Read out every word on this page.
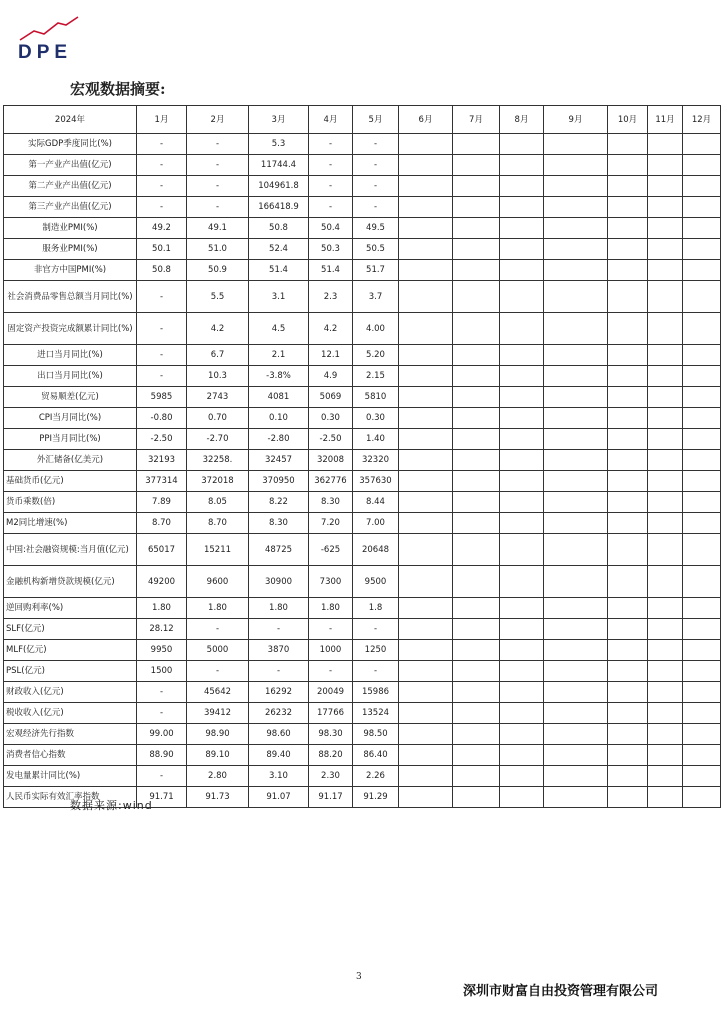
DPE
宏观数据摘要:
2024年	1月	2月	3月	4月	5月	6月	7月	8月	9月	10月	11月	12月
实际GDP季度同比(%)	-	-	5.3	-	-							
第一产业产出值(亿元)	-	-	11744.4	-	-							
第二产业产出值(亿元)	-	-	104961.8	-	-							
第三产业产出值(亿元)	-	-	166418.9	-	-							
制造业PMI(%)	49.2	49.1	50.8	50.4	49.5							
服务业PMI(%)	50.1	51.0	52.4	50.3	50.5							
非官方中国PMI(%)	50.8	50.9	51.4	51.4	51.7							
社会消费品零售总额当月同比(%)	-	5.5	3.1	2.3	3.7							
固定资产投资完成额累计同比(%)	-	4.2	4.5	4.2	4.00							
进口当月同比(%)	-	6.7	2.1	12.1	5.20							
出口当月同比(%)	-	10.3	-3.8%	4.9	2.15							
贸易顺差(亿元)	5985	2743	4081	5069	5810							
CPI当月同比(%)	-0.80	0.70	0.10	0.30	0.30							
PPI当月同比(%)	-2.50	-2.70	-2.80	-2.50	1.40							
外汇储备(亿美元)	32193	32258.	32457	32008	32320							
基础货币(亿元)	377314	372018	370950	362776	357630							
货币乘数(倍)	7.89	8.05	8.22	8.30	8.44							
M2同比增速(%)	8.70	8.70	8.30	7.20	7.00							
中国:社会融资规模:当月值(亿元)	65017	15211	48725	-625	20648							
金融机构新增贷款规模(亿元)	49200	9600	30900	7300	9500							
逆回购利率(%)	1.80	1.80	1.80	1.80	1.8							
SLF(亿元)	28.12	-	-	-	-							
MLF(亿元)	9950	5000	3870	1000	1250							
PSL(亿元)	1500	-	-	-	-							
财政收入(亿元)	-	45642	16292	20049	15986							
税收收入(亿元)	-	39412	26232	17766	13524							
宏观经济先行指数	99.00	98.90	98.60	98.30	98.50							
消费者信心指数	88.90	89.10	89.40	88.20	86.40							
发电量累计同比(%)	-	2.80	3.10	2.30	2.26							
人民币实际有效汇率指数	91.71	91.73	91.07	91.17	91.29							
数据来源:wind
3
深圳市财富自由投资管理有限公司
